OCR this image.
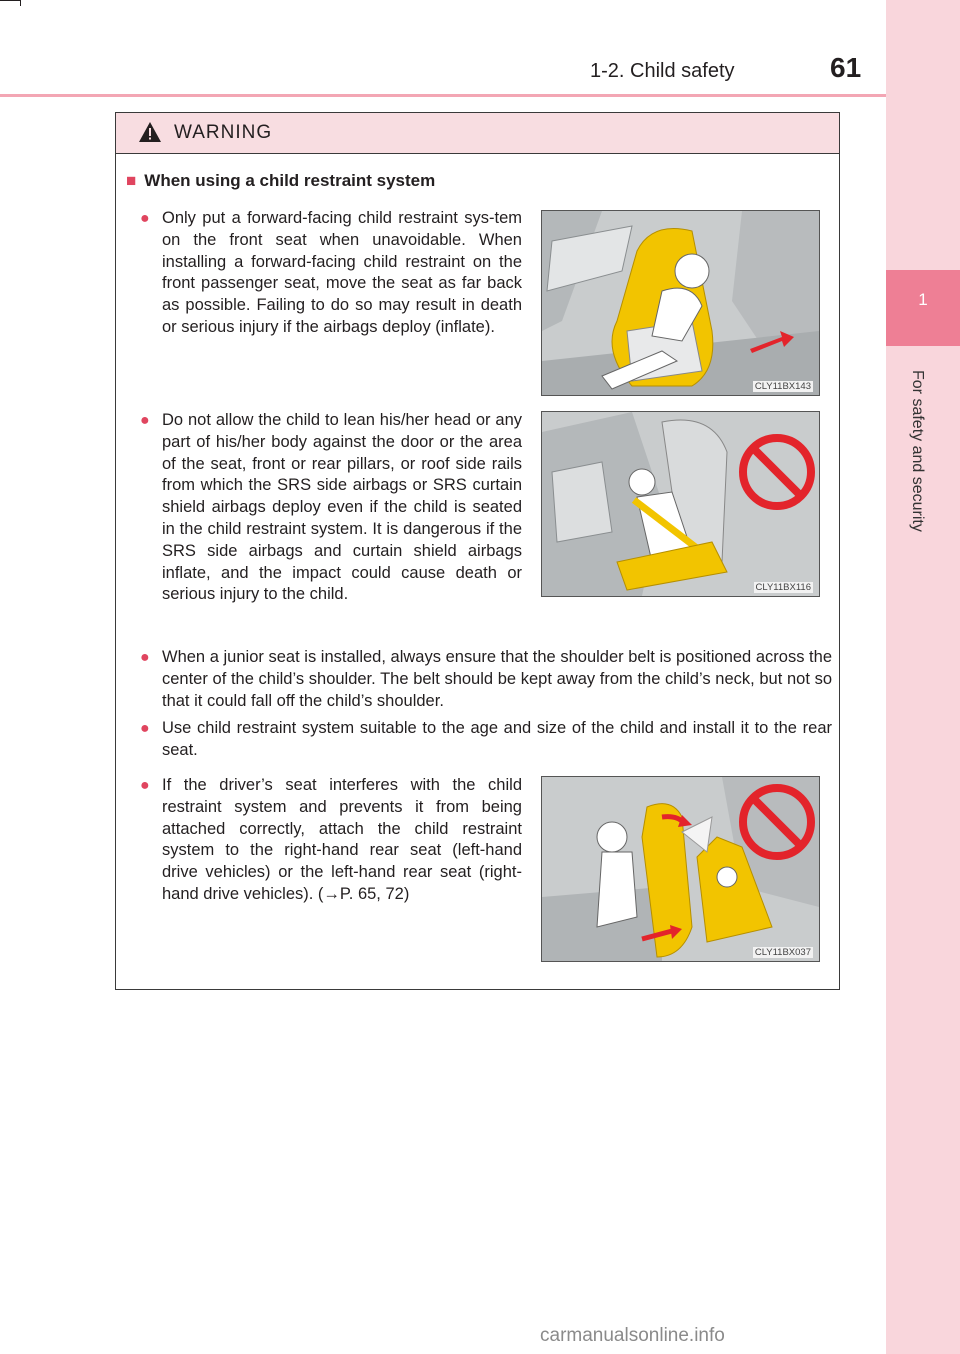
1-2. Child safety	61
1
For safety and security
WARNING
■ When using a child restraint system
● Only put a forward-facing child restraint sys-tem on the front seat when unavoidable. When installing a forward-facing child restraint on the front passenger seat, move the seat as far back as possible. Failing to do so may result in death or serious injury if the airbags deploy (inflate).
● Do not allow the child to lean his/her head or any part of his/her body against the door or the area of the seat, front or rear pillars, or roof side rails from which the SRS side airbags or SRS curtain shield airbags deploy even if the child is seated in the child restraint system. It is dangerous if the SRS side airbags and curtain shield airbags inflate, and the impact could cause death or serious injury to the child.
● When a junior seat is installed, always ensure that the shoulder belt is positioned across the center of the child’s shoulder. The belt should be kept away from the child’s neck, but not so that it could fall off the child’s shoulder.
● Use child restraint system suitable to the age and size of the child and install it to the rear seat.
● If the driver’s seat interferes with the child restraint system and prevents it from being attached correctly, attach the child restraint system to the right-hand rear seat (left-hand drive vehicles) or the left-hand rear seat (right-hand drive vehicles). (→P. 65, 72)
CLY11BX143
CLY11BX116
CLY11BX037
carmanualsonline.info
